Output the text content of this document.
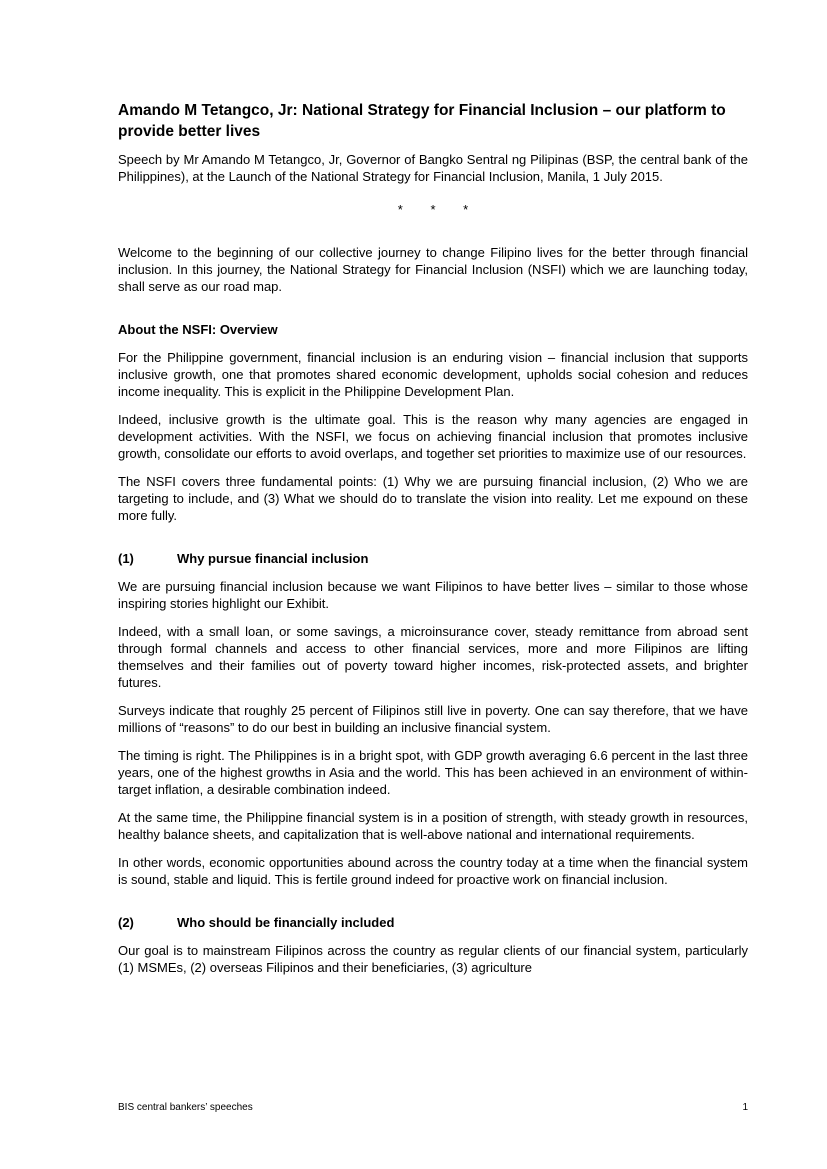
Amando M Tetangco, Jr: National Strategy for Financial Inclusion – our platform to provide better lives

Speech by Mr Amando M Tetangco, Jr, Governor of Bangko Sentral ng Pilipinas (BSP, the central bank of the Philippines), at the Launch of the National Strategy for Financial Inclusion, Manila, 1 July 2015.

* * *

Welcome to the beginning of our collective journey to change Filipino lives for the better through financial inclusion. In this journey, the National Strategy for Financial Inclusion (NSFI) which we are launching today, shall serve as our road map.

About the NSFI: Overview

For the Philippine government, financial inclusion is an enduring vision – financial inclusion that supports inclusive growth, one that promotes shared economic development, upholds social cohesion and reduces income inequality. This is explicit in the Philippine Development Plan.

Indeed, inclusive growth is the ultimate goal. This is the reason why many agencies are engaged in development activities. With the NSFI, we focus on achieving financial inclusion that promotes inclusive growth, consolidate our efforts to avoid overlaps, and together set priorities to maximize use of our resources.

The NSFI covers three fundamental points: (1) Why we are pursuing financial inclusion, (2) Who we are targeting to include, and (3) What we should do to translate the vision into reality. Let me expound on these more fully.

(1)	Why pursue financial inclusion

We are pursuing financial inclusion because we want Filipinos to have better lives – similar to those whose inspiring stories highlight our Exhibit.

Indeed, with a small loan, or some savings, a microinsurance cover, steady remittance from abroad sent through formal channels and access to other financial services, more and more Filipinos are lifting themselves and their families out of poverty toward higher incomes, risk-protected assets, and brighter futures.

Surveys indicate that roughly 25 percent of Filipinos still live in poverty. One can say therefore, that we have millions of “reasons” to do our best in building an inclusive financial system.

The timing is right. The Philippines is in a bright spot, with GDP growth averaging 6.6 percent in the last three years, one of the highest growths in Asia and the world. This has been achieved in an environment of within-target inflation, a desirable combination indeed.

At the same time, the Philippine financial system is in a position of strength, with steady growth in resources, healthy balance sheets, and capitalization that is well-above national and international requirements.

In other words, economic opportunities abound across the country today at a time when the financial system is sound, stable and liquid. This is fertile ground indeed for proactive work on financial inclusion.

(2)	Who should be financially included

Our goal is to mainstream Filipinos across the country as regular clients of our financial system, particularly (1) MSMEs, (2) overseas Filipinos and their beneficiaries, (3) agriculture

BIS central bankers’ speeches	1
